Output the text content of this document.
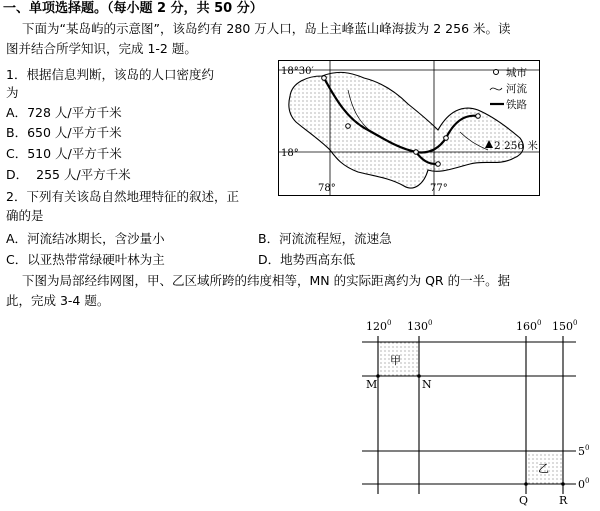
一、单项选择题。（每小题 2 分，共 50 分）
下面为“某岛屿的示意图”，该岛约有 280 万人口，岛上主峰蓝山峰海拔为 2 256 米。读
图并结合所学知识，完成 1-2 题。
1．根据信息判断，该岛的人口密度约
为
A．728 人/平方千米
B．650 人/平方千米
C．510 人/平方千米
D． 255 人/平方千米
2．下列有关该岛自然地理特征的叙述，正
确的是
A．河流结冰期长，含沙量小	B．河流流程短，流速急
C．以亚热带常绿硬叶林为主	D．地势西高东低
下图为局部经纬网图，甲、乙区域所跨的纬度相等，MN 的实际距离约为 QR 的一半。据
此，完成 3-4 题。
2 256 米
18°30′
18°
78°	77°
城市
河流
铁路
$120^0$ $130^0$	$160^0$ $150^0$
甲
乙
M	N
Q	R
$5^0$
$0^0$
